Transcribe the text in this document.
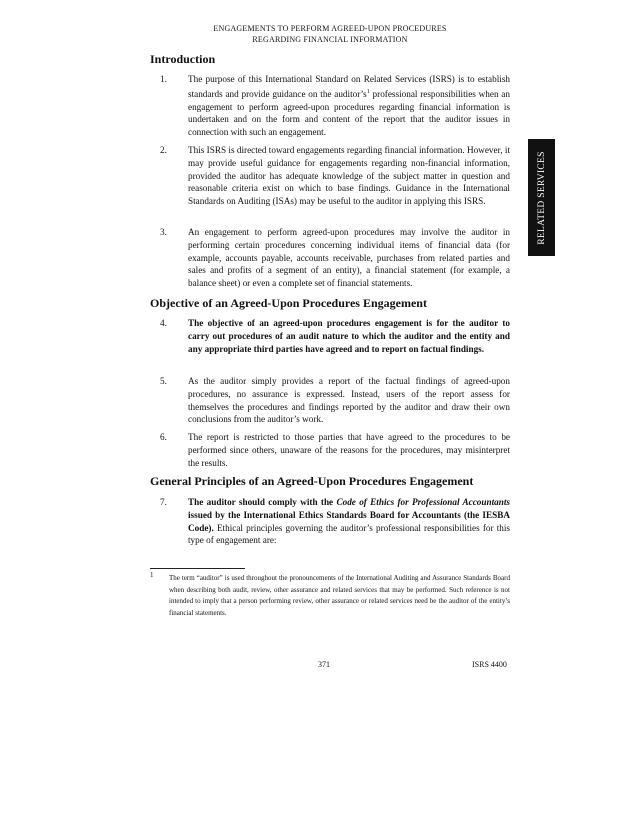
ENGAGEMENTS TO PERFORM AGREED-UPON PROCEDURES
REGARDING FINANCIAL INFORMATION
RELATED SERVICES
Introduction
1.	The purpose of this International Standard on Related Services (ISRS) is to establish standards and provide guidance on the $auditor’s^1$ professional responsibilities when an engagement to perform agreed-upon procedures regarding financial information is undertaken and on the form and content of the report that the auditor issues in connection with such an engagement.
2.	This ISRS is directed toward engagements regarding financial information. However, it may provide useful guidance for engagements regarding non-financial information, provided the auditor has adequate knowledge of the subject matter in question and reasonable criteria exist on which to base findings. Guidance in the International Standards on Auditing (ISAs) may be useful to the auditor in applying this ISRS.
3.	An engagement to perform agreed-upon procedures may involve the auditor in performing certain procedures concerning individual items of financial data (for example, accounts payable, accounts receivable, purchases from related parties and sales and profits of a segment of an entity), a financial statement (for example, a balance sheet) or even a complete set of financial statements.
Objective of an Agreed-Upon Procedures Engagement
4.	The objective of an agreed-upon procedures engagement is for the auditor to carry out procedures of an audit nature to which the auditor and the entity and any appropriate third parties have agreed and to report on factual findings.
5.	As the auditor simply provides a report of the factual findings of agreed-upon procedures, no assurance is expressed. Instead, users of the report assess for themselves the procedures and findings reported by the auditor and draw their own conclusions from the auditor’s work.
6.	The report is restricted to those parties that have agreed to the procedures to be performed since others, unaware of the reasons for the procedures, may misinterpret the results.
General Principles of an Agreed-Upon Procedures Engagement
7.	The auditor should comply with the Code of Ethics for Professional Accountants issued by the International Ethics Standards Board for Accountants (the IESBA Code). Ethical principles governing the auditor’s professional responsibilities for this type of engagement are:
1 The term “auditor” is used throughout the pronouncements of the International Auditing and Assurance Standards Board when describing both audit, review, other assurance and related services that may be performed. Such reference is not intended to imply that a person performing review, other assurance or related services need be the auditor of the entity’s financial statements.
371	ISRS 4400
